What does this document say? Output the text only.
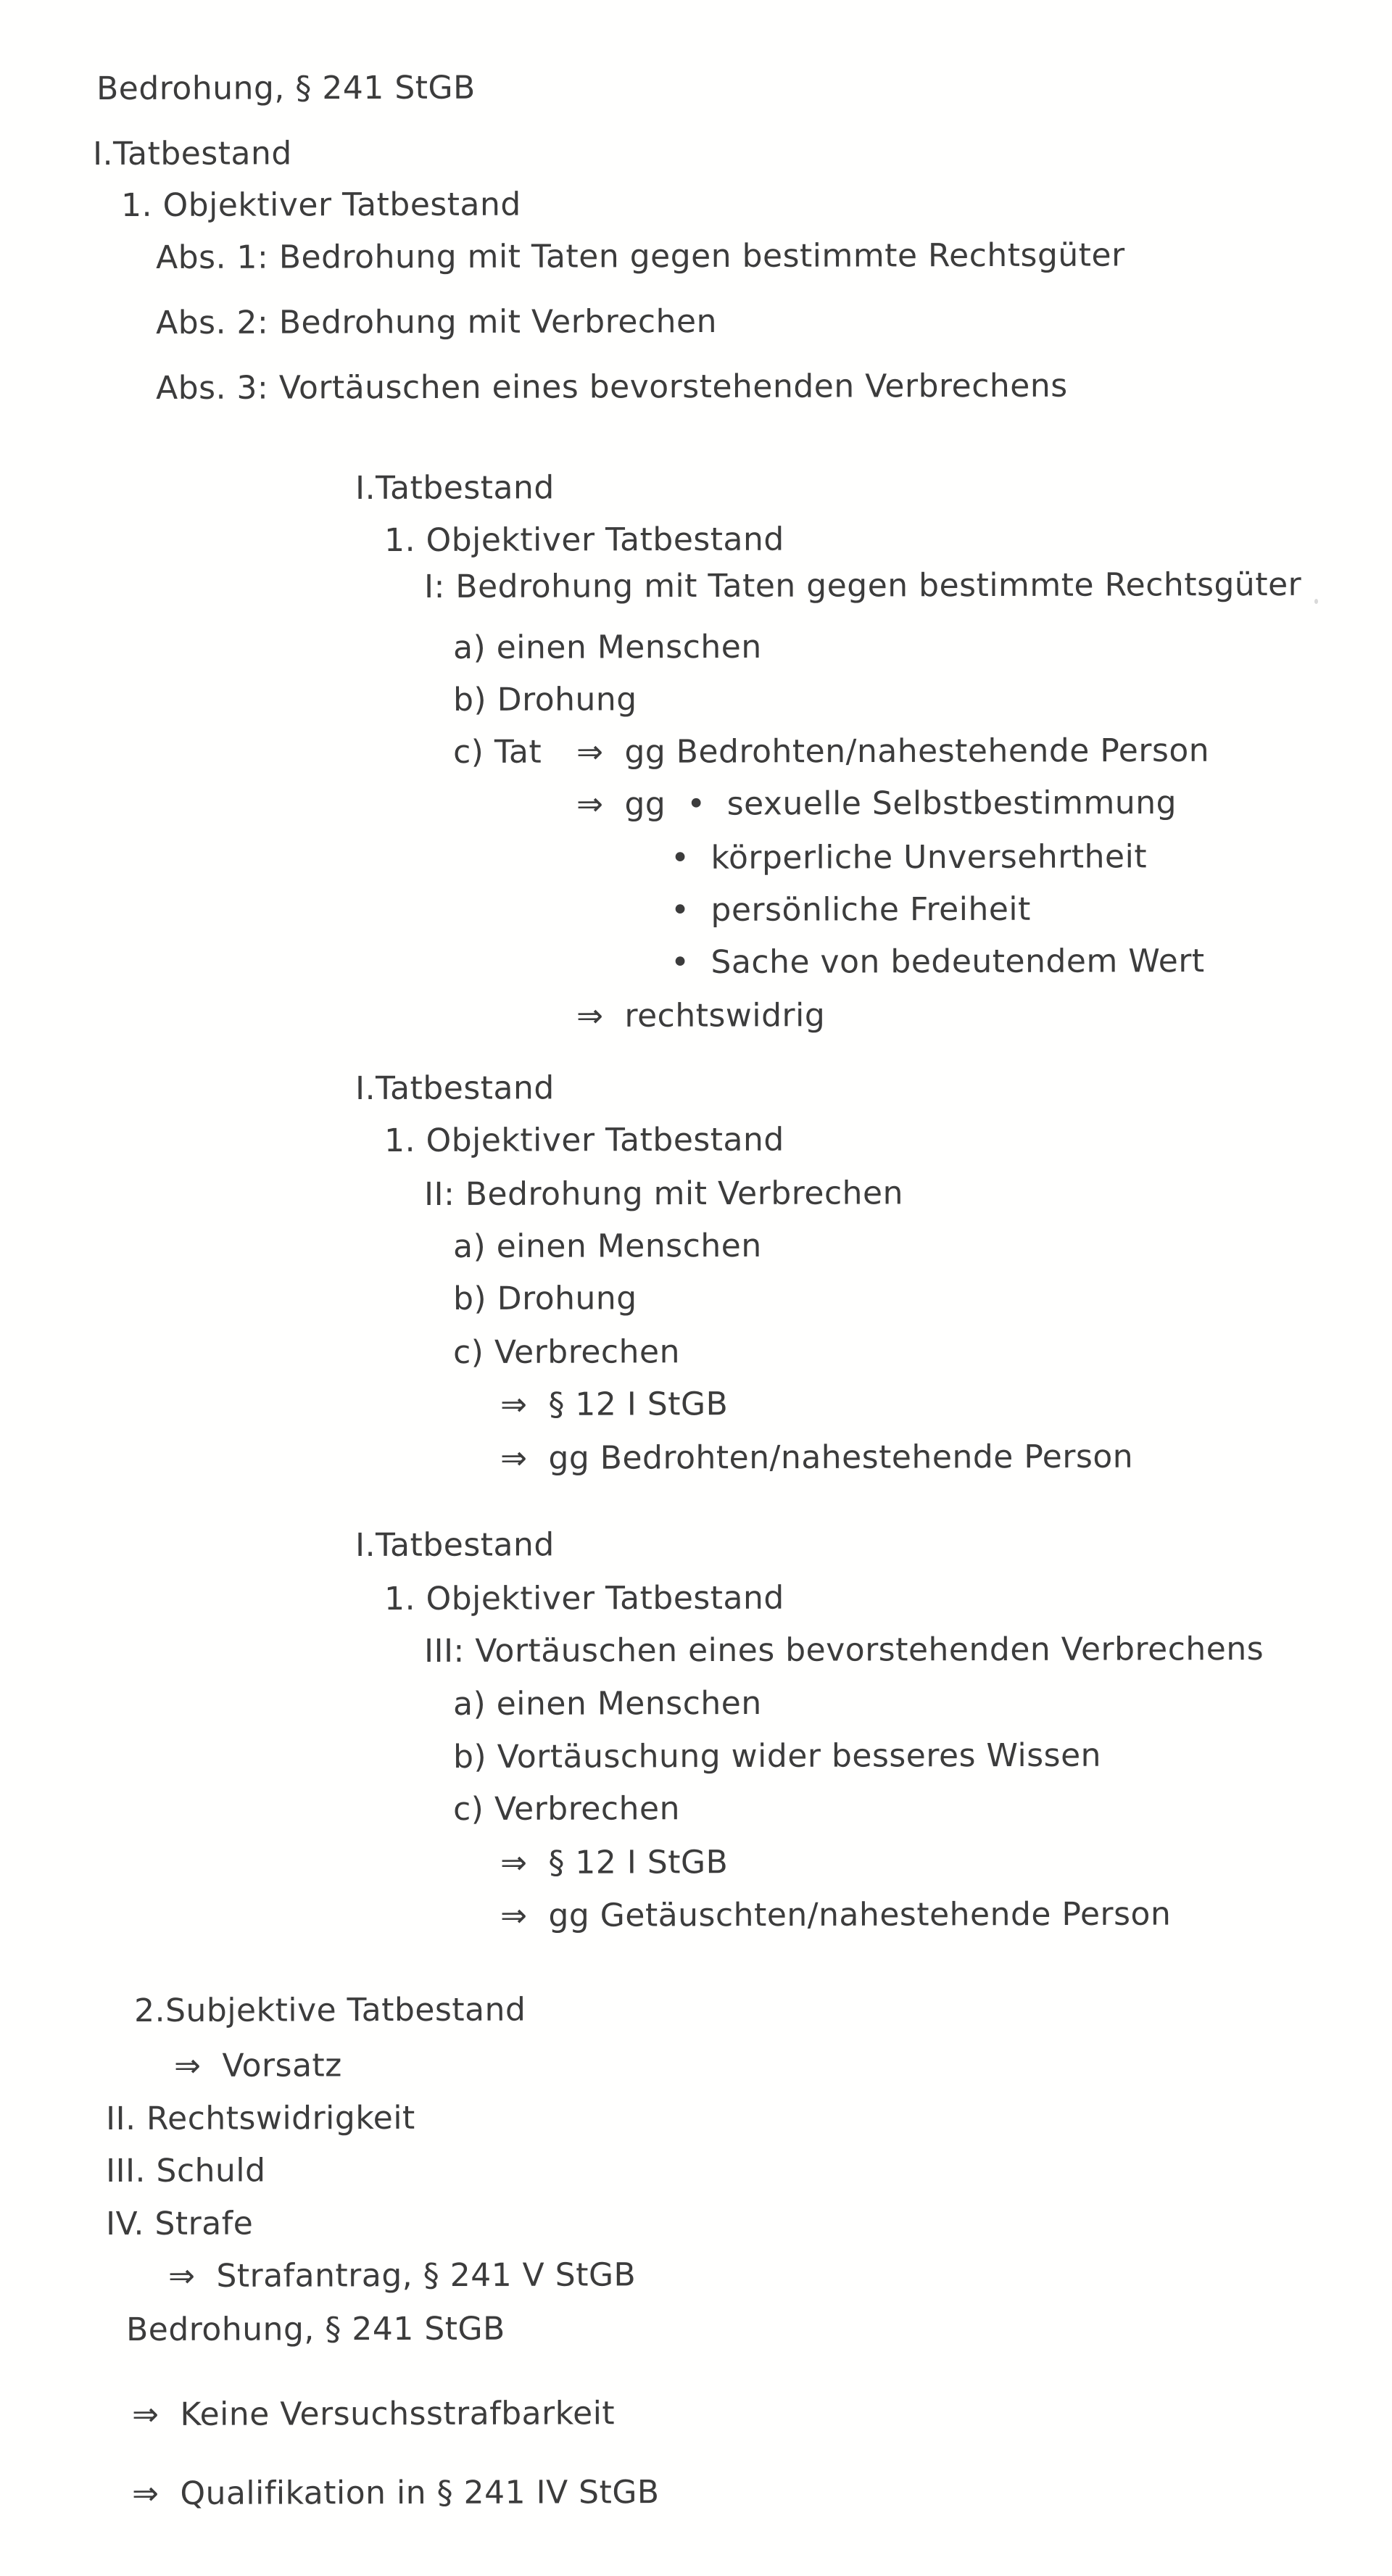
Bedrohung, § 241 StGB
I.Tatbestand
1. Objektiver Tatbestand
Abs. 1: Bedrohung mit Taten gegen bestimmte Rechtsgüter
Abs. 2: Bedrohung mit Verbrechen
Abs. 3: Vortäuschen eines bevorstehenden Verbrechens
I.Tatbestand
1. Objektiver Tatbestand
I: Bedrohung mit Taten gegen bestimmte Rechtsgüter
a) einen Menschen
b) Drohung
c) Tat ⇒  gg Bedrohten/nahestehende Person
⇒  gg  •  sexuelle Selbstbestimmung
•  körperliche Unversehrtheit
•  persönliche Freiheit
•  Sache von bedeutendem Wert
⇒  rechtswidrig
I.Tatbestand
1. Objektiver Tatbestand
II: Bedrohung mit Verbrechen
a) einen Menschen
b) Drohung
c) Verbrechen
⇒  § 12 I StGB
⇒  gg Bedrohten/nahestehende Person
I.Tatbestand
1. Objektiver Tatbestand
III: Vortäuschen eines bevorstehenden Verbrechens
a) einen Menschen
b) Vortäuschung wider besseres Wissen
c) Verbrechen
⇒  § 12 I StGB
⇒  gg Getäuschten/nahestehende Person
2.Subjektive Tatbestand
⇒  Vorsatz
II. Rechtswidrigkeit
III. Schuld
IV. Strafe
⇒  Strafantrag, § 241 V StGB
Bedrohung, § 241 StGB
⇒  Keine Versuchsstrafbarkeit
⇒  Qualifikation in § 241 IV StGB
